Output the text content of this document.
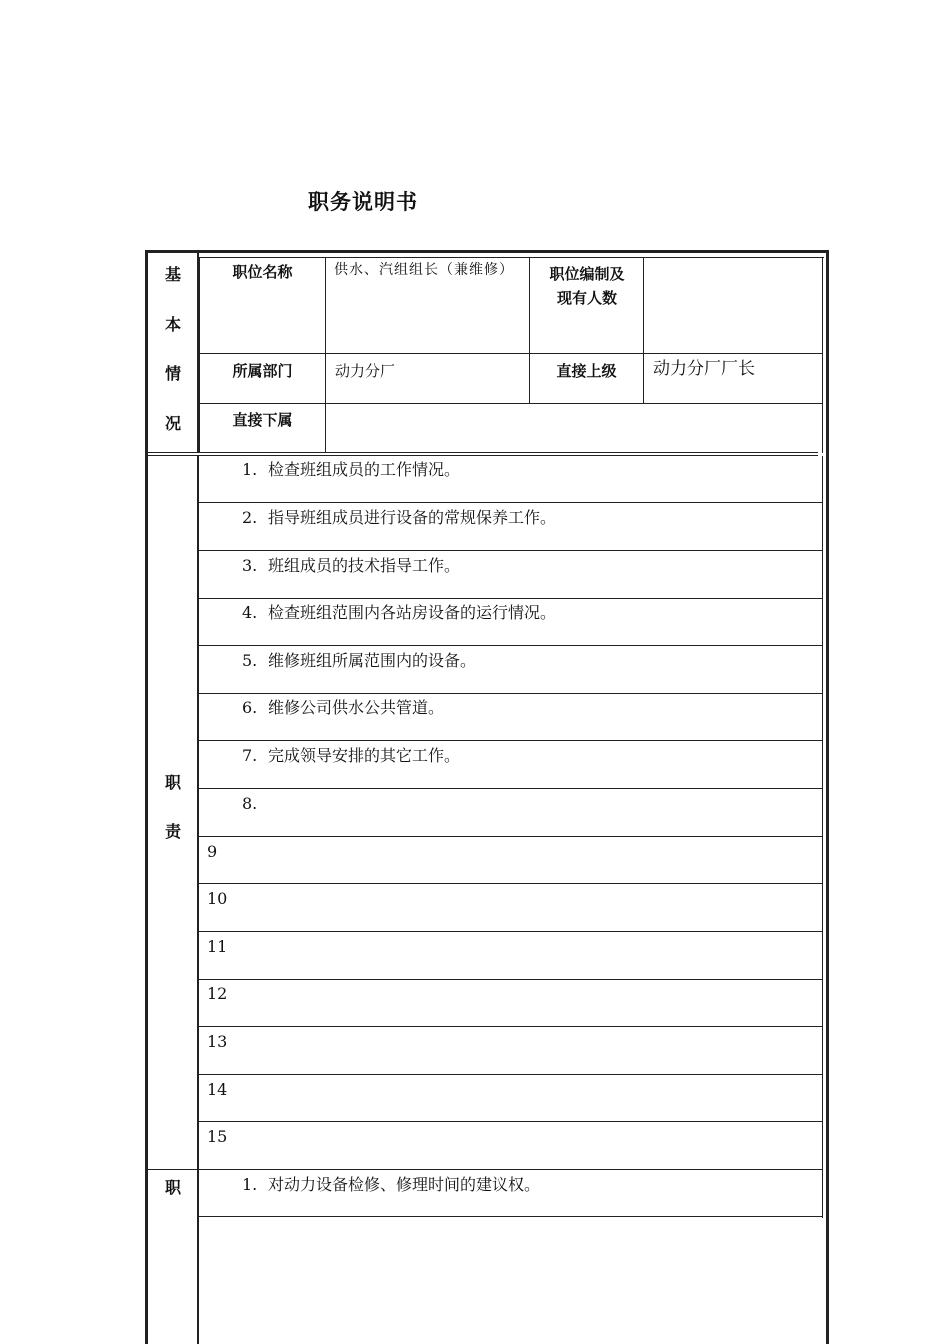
职务说明书
基
本
情
况
职位名称	供水、汽组组长（兼维修）	职位编制及现有人数
所属部门	动力分厂	直接上级	动力分厂厂长
直接下属
职
责
1. 检查班组成员的工作情况。
2. 指导班组成员进行设备的常规保养工作。
3. 班组成员的技术指导工作。
4. 检查班组范围内各站房设备的运行情况。
5. 维修班组所属范围内的设备。
6. 维修公司供水公共管道。
7. 完成领导安排的其它工作。
8.
9
10
11
12
13
14
15
职	1. 对动力设备检修、修理时间的建议权。
